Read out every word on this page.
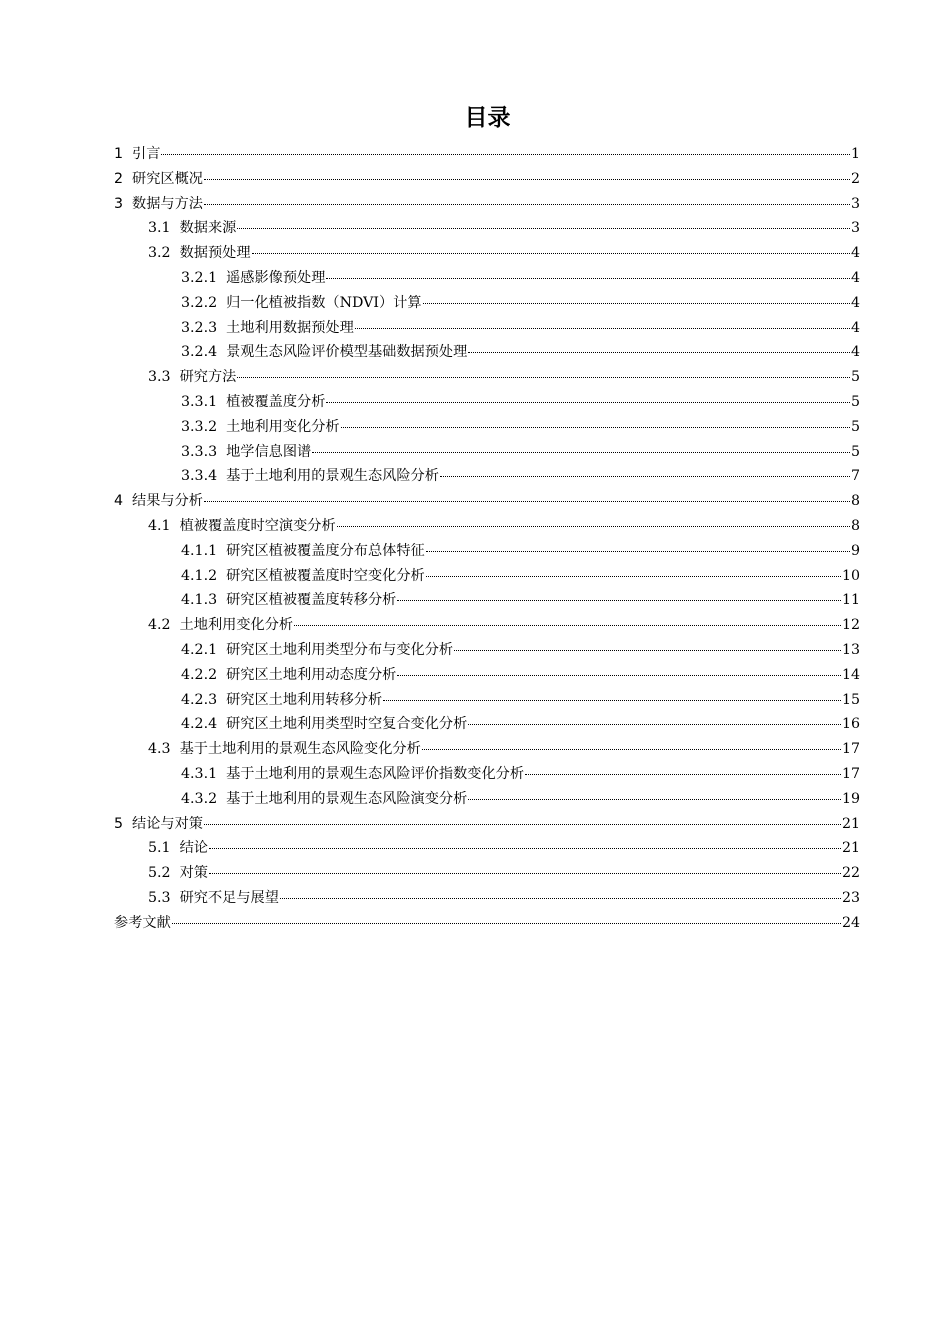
目录
1 引言	1
2 研究区概况	2
3 数据与方法	3
3.1 数据来源	3
3.2 数据预处理	4
3.2.1 遥感影像预处理	4
3.2.2 归一化植被指数（NDVI）计算	4
3.2.3 土地利用数据预处理	4
3.2.4 景观生态风险评价模型基础数据预处理	4
3.3 研究方法	5
3.3.1 植被覆盖度分析	5
3.3.2 土地利用变化分析	5
3.3.3 地学信息图谱	5
3.3.4 基于土地利用的景观生态风险分析	7
4 结果与分析	8
4.1 植被覆盖度时空演变分析	8
4.1.1 研究区植被覆盖度分布总体特征	9
4.1.2 研究区植被覆盖度时空变化分析	10
4.1.3 研究区植被覆盖度转移分析	11
4.2 土地利用变化分析	12
4.2.1 研究区土地利用类型分布与变化分析	13
4.2.2 研究区土地利用动态度分析	14
4.2.3 研究区土地利用转移分析	15
4.2.4 研究区土地利用类型时空复合变化分析	16
4.3 基于土地利用的景观生态风险变化分析	17
4.3.1 基于土地利用的景观生态风险评价指数变化分析	17
4.3.2 基于土地利用的景观生态风险演变分析	19
5 结论与对策	21
5.1 结论	21
5.2 对策	22
5.3 研究不足与展望	23
参考文献	24
